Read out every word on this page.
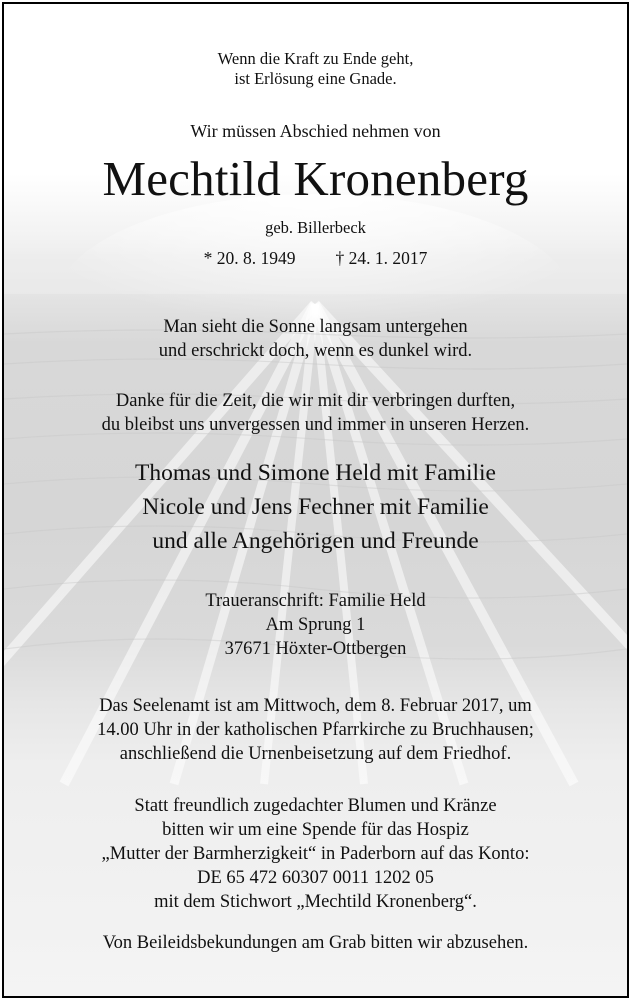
Wenn die Kraft zu Ende geht,
ist Erlösung eine Gnade.
Wir müssen Abschied nehmen von
Mechtild Kronenberg
geb. Billerbeck
* 20. 8. 1949 † 24. 1. 2017
Man sieht die Sonne langsam untergehen
und erschrickt doch, wenn es dunkel wird.
Danke für die Zeit, die wir mit dir verbringen durften,
du bleibst uns unvergessen und immer in unseren Herzen.
Thomas und Simone Held mit Familie
Nicole und Jens Fechner mit Familie
und alle Angehörigen und Freunde
Traueranschrift: Familie Held
Am Sprung 1
37671 Höxter-Ottbergen
Das Seelenamt ist am Mittwoch, dem 8. Februar 2017, um
14.00 Uhr in der katholischen Pfarrkirche zu Bruchhausen;
anschließend die Urnenbeisetzung auf dem Friedhof.
Statt freundlich zugedachter Blumen und Kränze
bitten wir um eine Spende für das Hospiz
„Mutter der Barmherzigkeit“ in Paderborn auf das Konto:
DE 65 472 60307 0011 1202 05
mit dem Stichwort „Mechtild Kronenberg“.
Von Beileidsbekundungen am Grab bitten wir abzusehen.
